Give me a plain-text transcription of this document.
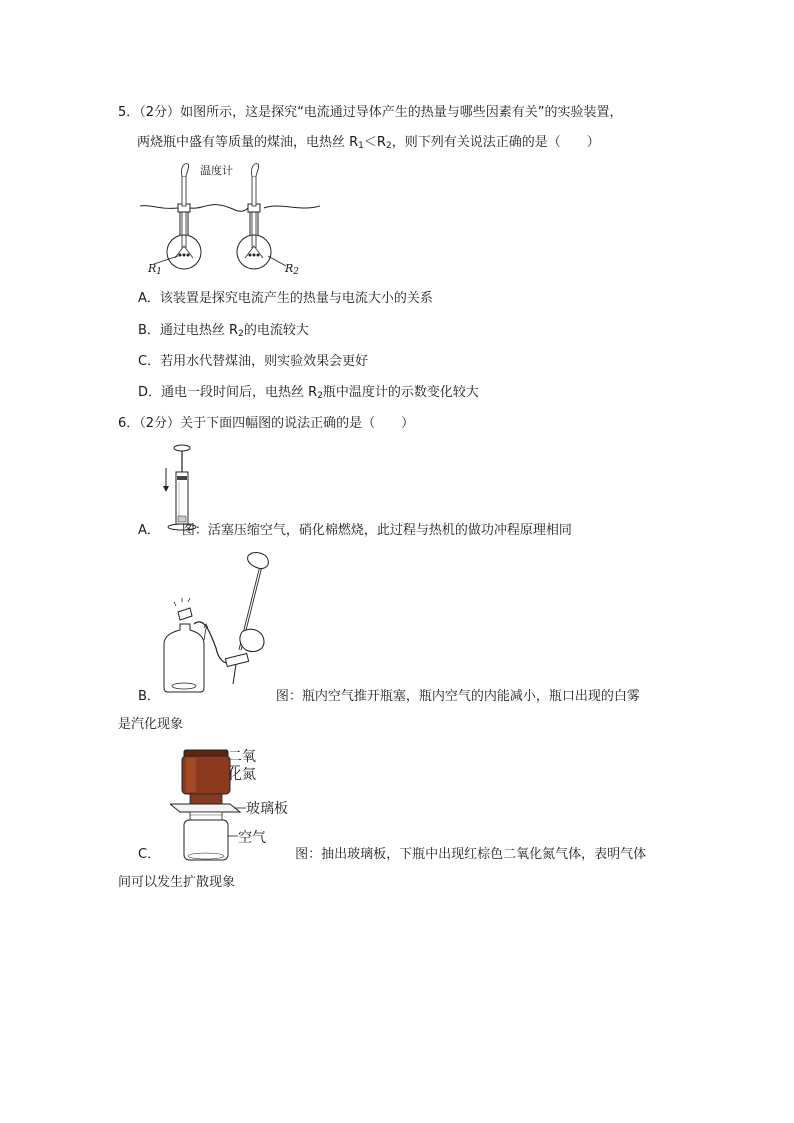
5．（2分）如图所示，这是探究“电流通过导体产生的热量与哪些因素有关”的实验装置，
两烧瓶中盛有等质量的煤油，电热丝 $R_1<R_2$，则下列有关说法正确的是（　　）
温度计
$R_1$	$R_2$
A．该装置是探究电流产生的热量与电流大小的关系
B．通过电热丝 $R_2$的电流较大
C．若用水代替煤油，则实验效果会更好
D．通电一段时间后，电热丝 $R_2$瓶中温度计的示数变化较大
6．（2分）关于下面四幅图的说法正确的是（　　）
A． 图：活塞压缩空气，硝化棉燃烧，此过程与热机的做功冲程原理相同
B．	图：瓶内空气推开瓶塞，瓶内空气的内能减小，瓶口出现的白雾
是汽化现象
二氧
化氮
玻璃板
空气
C．	图：抽出玻璃板，下瓶中出现红棕色二氧化氮气体，表明气体
间可以发生扩散现象
